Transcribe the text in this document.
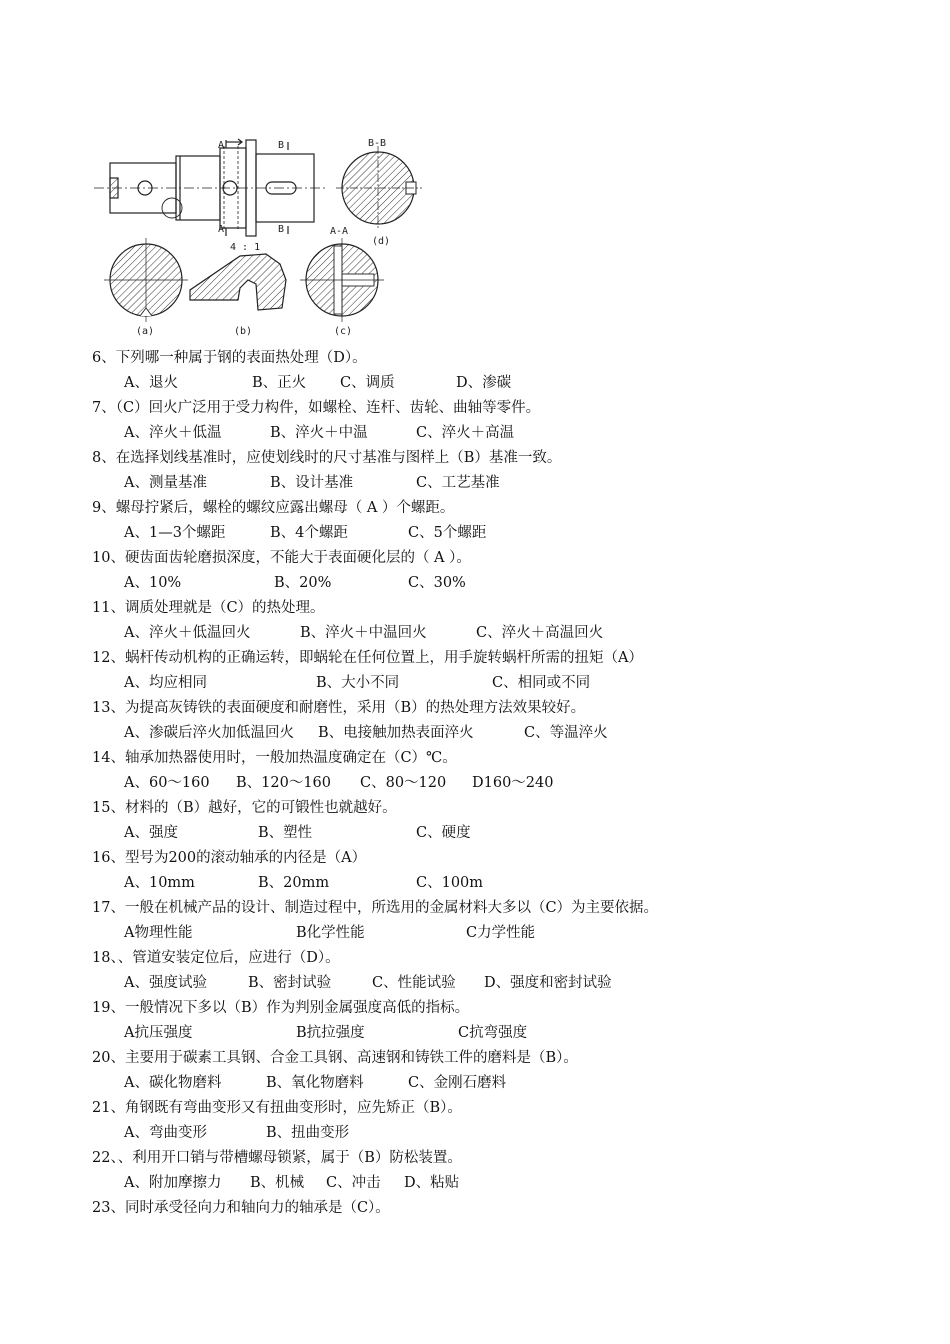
A
A
B
B
B-B
(d)
(a)
4 : 1
(b)
A-A
(c)
6、下列哪一种属于钢的表面热处理（D）。
A、退火	B、正火 C、调质	D、渗碳
7、（C）回火广泛用于受力构件，如螺栓、连杆、齿轮、曲轴等零件。
A、淬火＋低温	B、淬火＋中温	C、淬火＋高温
8、在选择划线基准时，应使划线时的尺寸基准与图样上（B）基准一致。
A、测量基准	B、设计基准	C、工艺基准
9、螺母拧紧后，螺栓的螺纹应露出螺母（ A ）个螺距。
A、1—3个螺距	B、4个螺距	C、5个螺距
10、硬齿面齿轮磨损深度，不能大于表面硬化层的（ A ）。
A、10%	B、20%	C、30%
11、调质处理就是（C）的热处理。
A、淬火＋低温回火	B、淬火＋中温回火	C、淬火＋高温回火
12、蜗杆传动机构的正确运转，即蜗轮在任何位置上，用手旋转蜗杆所需的扭矩（A）
A、均应相同	B、大小不同	C、相同或不同
13、为提高灰铸铁的表面硬度和耐磨性，采用（B）的热处理方法效果较好。
A、渗碳后淬火加低温回火 B、电接触加热表面淬火	C、等温淬火
14、轴承加热器使用时，一般加热温度确定在（C）℃。
A、60～160 B、120～160 C、80～120 D160～240
15、材料的（B）越好，它的可锻性也就越好。
A、强度	B、塑性	C、硬度
16、型号为200的滚动轴承的内径是（A）
A、10mm	B、20mm	C、100m
17、一般在机械产品的设计、制造过程中，所选用的金属材料大多以（C）为主要依据。
A物理性能	B化学性能	C力学性能
18、、管道安装定位后，应进行（D）。
A、强度试验	B、密封试验	C、性能试验 D、强度和密封试验
19、一般情况下多以（B）作为判别金属强度高低的指标。
A抗压强度	B抗拉强度	C抗弯强度
20、主要用于碳素工具钢、合金工具钢、高速钢和铸铁工件的磨料是（B）。
A、碳化物磨料	B、氧化物磨料	C、金刚石磨料
21、角钢既有弯曲变形又有扭曲变形时，应先矫正（B）。
A、弯曲变形	B、扭曲变形
22、、利用开口销与带槽螺母锁紧，属于（B）防松装置。
A、附加摩擦力 B、机械 C、冲击 D、粘贴
23、同时承受径向力和轴向力的轴承是（C）。
